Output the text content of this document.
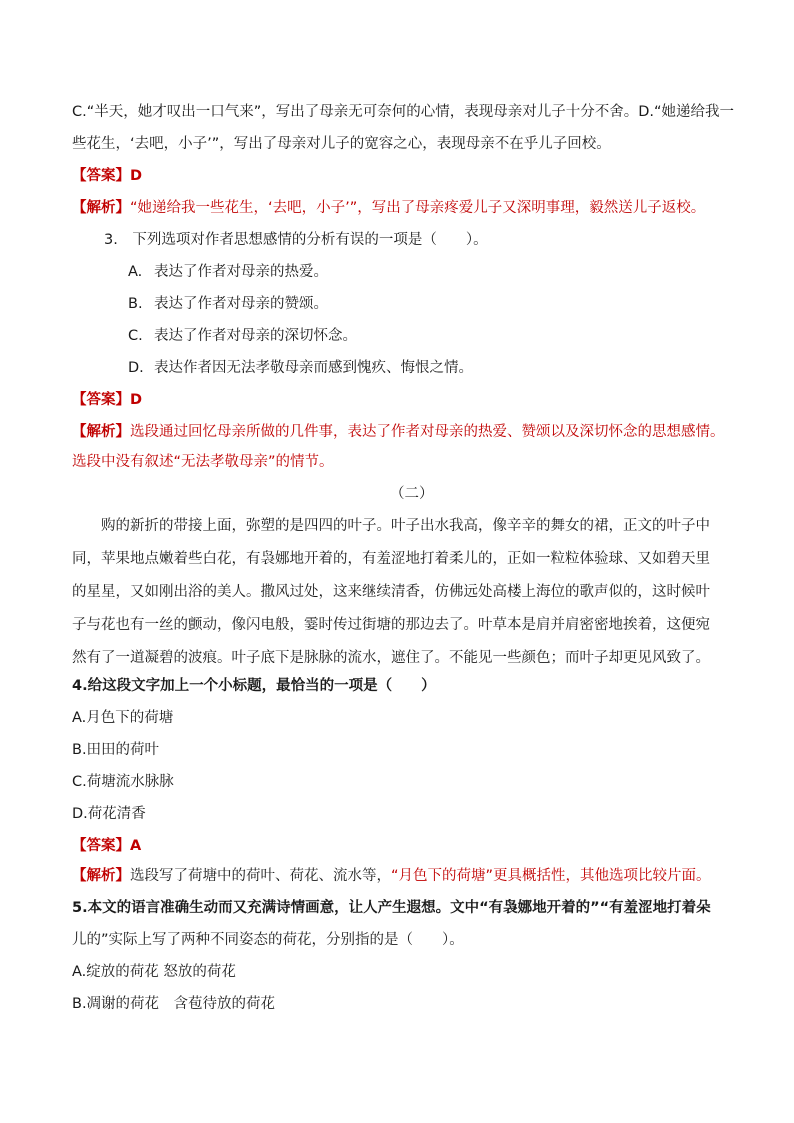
C.“半天，她才叹出一口气来”，写出了母亲无可奈何的心情，表现母亲对儿子十分不舍。D.“她递给我一
些花生，‘去吧，小子’”，写出了母亲对儿子的宽容之心，表现母亲不在乎儿子回校。
【答案】D
【解析】“她递给我一些花生，‘去吧，小子’”，写出了母亲疼爱儿子又深明事理，毅然送儿子返校。
3.　下列选项对作者思想感情的分析有误的一项是（　　）。
A. 表达了作者对母亲的热爱。
B. 表达了作者对母亲的赞颂。
C. 表达了作者对母亲的深切怀念。
D. 表达作者因无法孝敬母亲而感到愧疚、悔恨之情。
【答案】D
【解析】选段通过回忆母亲所做的几件事，表达了作者对母亲的热爱、赞颂以及深切怀念的思想感情。
选段中没有叙述“无法孝敬母亲”的情节。
（二）
　　购的新折的带接上面，弥塑的是四四的叶子。叶子出水我高，像辛辛的舞女的裙，正文的叶子中
同，苹果地点嫩着些白花，有袅娜地开着的，有羞涩地打着柔儿的，正如一粒粒体验球、又如碧天里
的星星，又如刚出浴的美人。撒风过处，这来继续清香，仿佛远处高楼上海位的歌声似的，这时候叶
子与花也有一丝的颤动，像闪电般，霎时传过街塘的那边去了。叶草本是肩并肩密密地挨着，这便宛
然有了一道凝碧的波痕。叶子底下是脉脉的流水，遮住了。不能见一些颜色；而叶子却更见风致了。
4.给这段文字加上一个小标题，最恰当的一项是（　　）
A.月色下的荷塘
B.田田的荷叶
C.荷塘流水脉脉
D.荷花清香
【答案】A
【解析】选段写了荷塘中的荷叶、荷花、流水等，“月色下的荷塘”更具概括性，其他选项比较片面。
5.本文的语言准确生动而又充满诗情画意，让人产生遐想。文中“有袅娜地开着的”“有羞涩地打着朵
儿的”实际上写了两种不同姿态的荷花，分别指的是（　　）。
A.绽放的荷花 怒放的荷花
B.凋谢的荷花　含苞待放的荷花
